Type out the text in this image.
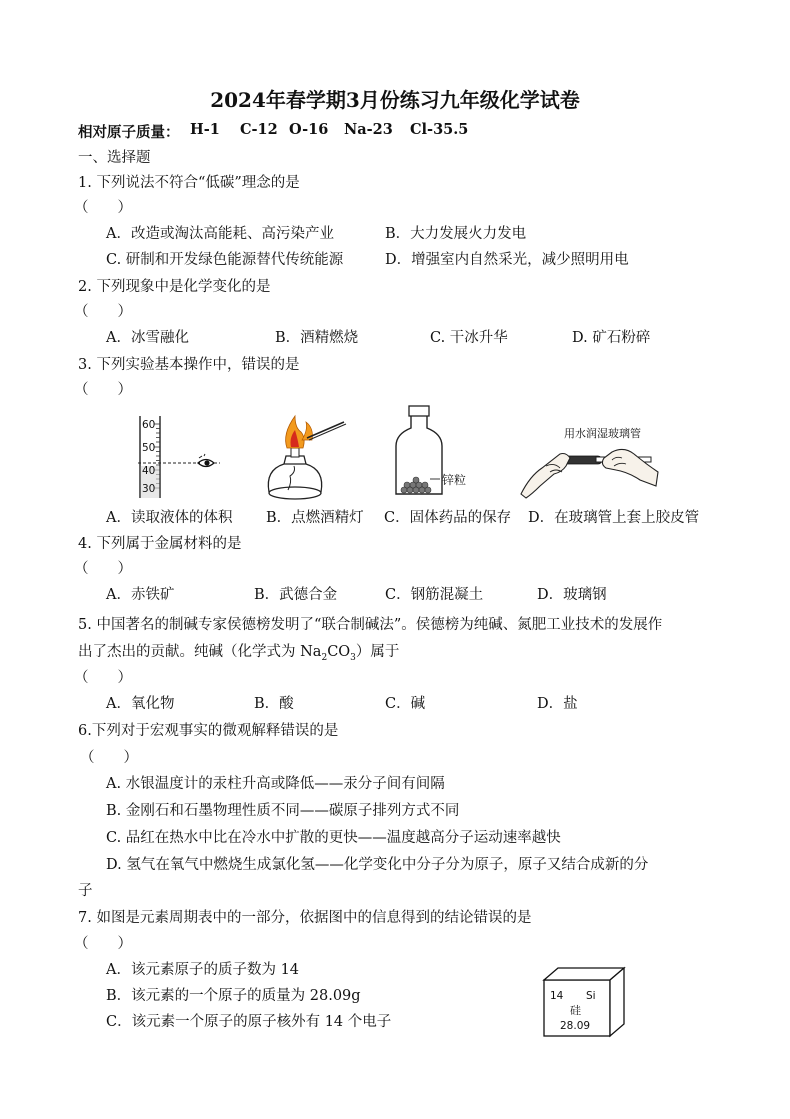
2024年春学期3月份练习九年级化学试卷
相对原子质量： H-1 C-12 O-16 Na-23 Cl-35.5
一、选择题
1. 下列说法不符合“低碳”理念的是
（　　）
A．改造或淘汰高能耗、高污染产业	B．大力发展火力发电
C. 研制和开发绿色能源替代传统能源	D．增强室内自然采光，减少照明用电
2. 下列现象中是化学变化的是
（　　）
A．冰雪融化	B．酒精燃烧	C. 干冰升华	D. 矿石粉碎
3. 下列实验基本操作中，错误的是
（　　）
60
50
40
30
锌粒
用水润湿玻璃管
A．读取液体的体积 B．点燃酒精灯 C．固体药品的保存 D．在玻璃管上套上胶皮管
4. 下列属于金属材料的是
（　　）
A．赤铁矿	B．武德合金	C．钢筋混凝土	D．玻璃钢
5. 中国著名的制碱专家侯德榜发明了“联合制碱法”。侯德榜为纯碱、氮肥工业技术的发展作
出了杰出的贡献。纯碱（化学式为 $Na_2CO_3$）属于
（　　）
A．氧化物	B．酸	C．碱	D．盐
6.下列对于宏观事实的微观解释错误的是
（　　）
A. 水银温度计的汞柱升高或降低——汞分子间有间隔
B. 金刚石和石墨物理性质不同——碳原子排列方式不同
C. 品红在热水中比在冷水中扩散的更快——温度越高分子运动速率越快
D. 氢气在氧气中燃烧生成氯化氢——化学变化中分子分为原子，原子又结合成新的分
子
7. 如图是元素周期表中的一部分，依据图中的信息得到的结论错误的是
（　　）
A．该元素原子的质子数为 14
B．该元素的一个原子的质量为 28.09g
C．该元素一个原子的原子核外有 14 个电子
14 Si
硅
28.09
